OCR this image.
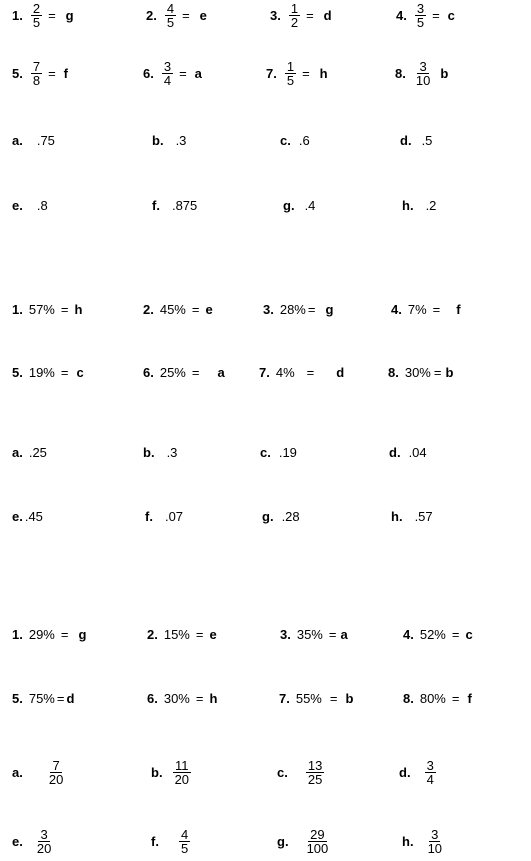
1. $\frac{2}{5} = g$	2. $\frac{4}{5} = e$	3. $\frac{1}{2} = d$	4. $\frac{3}{5} = c$
5. $\frac{7}{8} = f$	6. $\frac{3}{4} = a$	7. $\frac{1}{5} = h$	8. $\frac{3}{10}$ b
a. .75	b. .3	c. .6	d. .5
e. .8	f. .875	g. .4	h. .2
1. 57% = h	2. 45% = e	3. 28% = g	4. 7% = f
5. 19% = c	6. 25% = a	7. 4% = d	8. 30% = b
a. .25	b. .3	c. .19	d. .04
e. .45	f. .07	g. .28	h. .57
1. 29% = g	2. 15% = e	3. 35% = a	4. 52% = c
5. 75% = d	6. 30% = h	7. 55% = b	8. 80% = f
a. $\frac{7}{20}$	b. $\frac{11}{20}$	c. $\frac{13}{25}$	d. $\frac{3}{4}$
e. $\frac{3}{20}$	f. $\frac{4}{5}$	g. $\frac{29}{100}$	h. $\frac{3}{10}$
